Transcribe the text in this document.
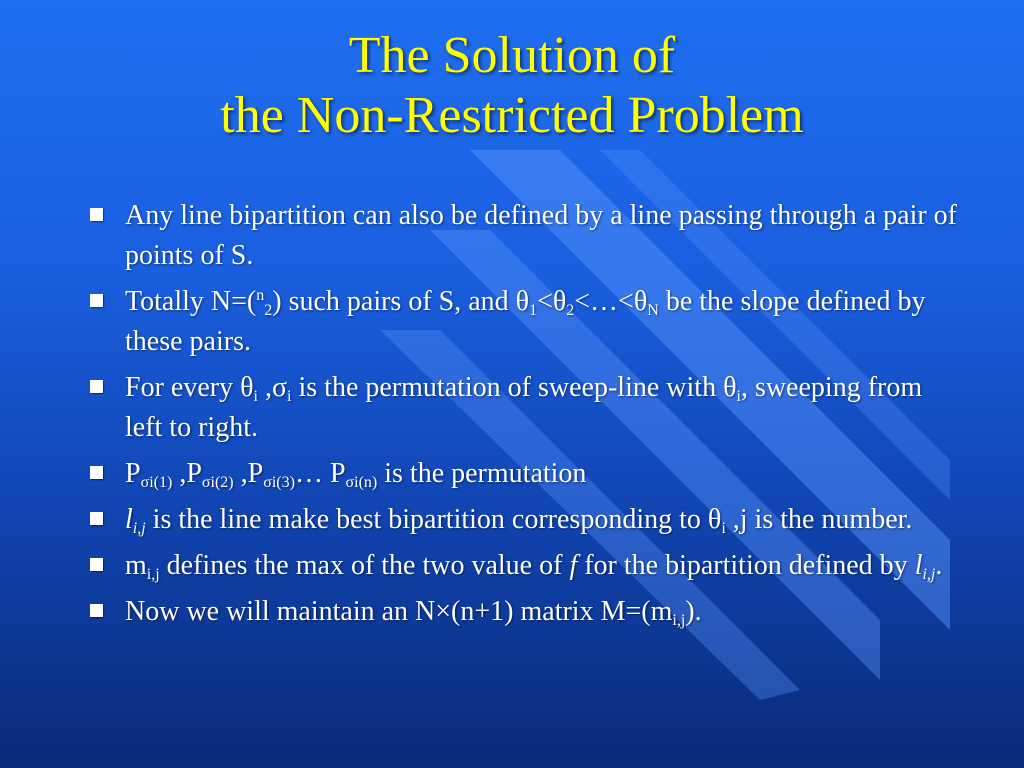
The Solution of
the Non-Restricted Problem
Any line bipartition can also be defined by a line passing through a pair of points of S.
Totally N=($^n_2$) such pairs of S, and $\theta_1<\theta_2<\dots<\theta_N$ be the slope defined by these pairs.
For every $\theta_i$ $,\sigma_i$ is the permutation of sweep-line with $\theta_i$, sweeping from left to right.
$P_{\sigma i(1)}$ $,P_{\sigma i(2)}$ $,P_{\sigma i(3)}\dots$ $P_{\sigma i(n)}$ is the permutation
$l_{i,j}$ is the line make best bipartition corresponding to $\theta_i$ ,j is the number.
$m_{i,j}$ defines the max of the two value of f for the bipartition defined by $l_{i,j}$.
Now we will maintain an N×(n+1) matrix $M=(m_{i,j})$.
